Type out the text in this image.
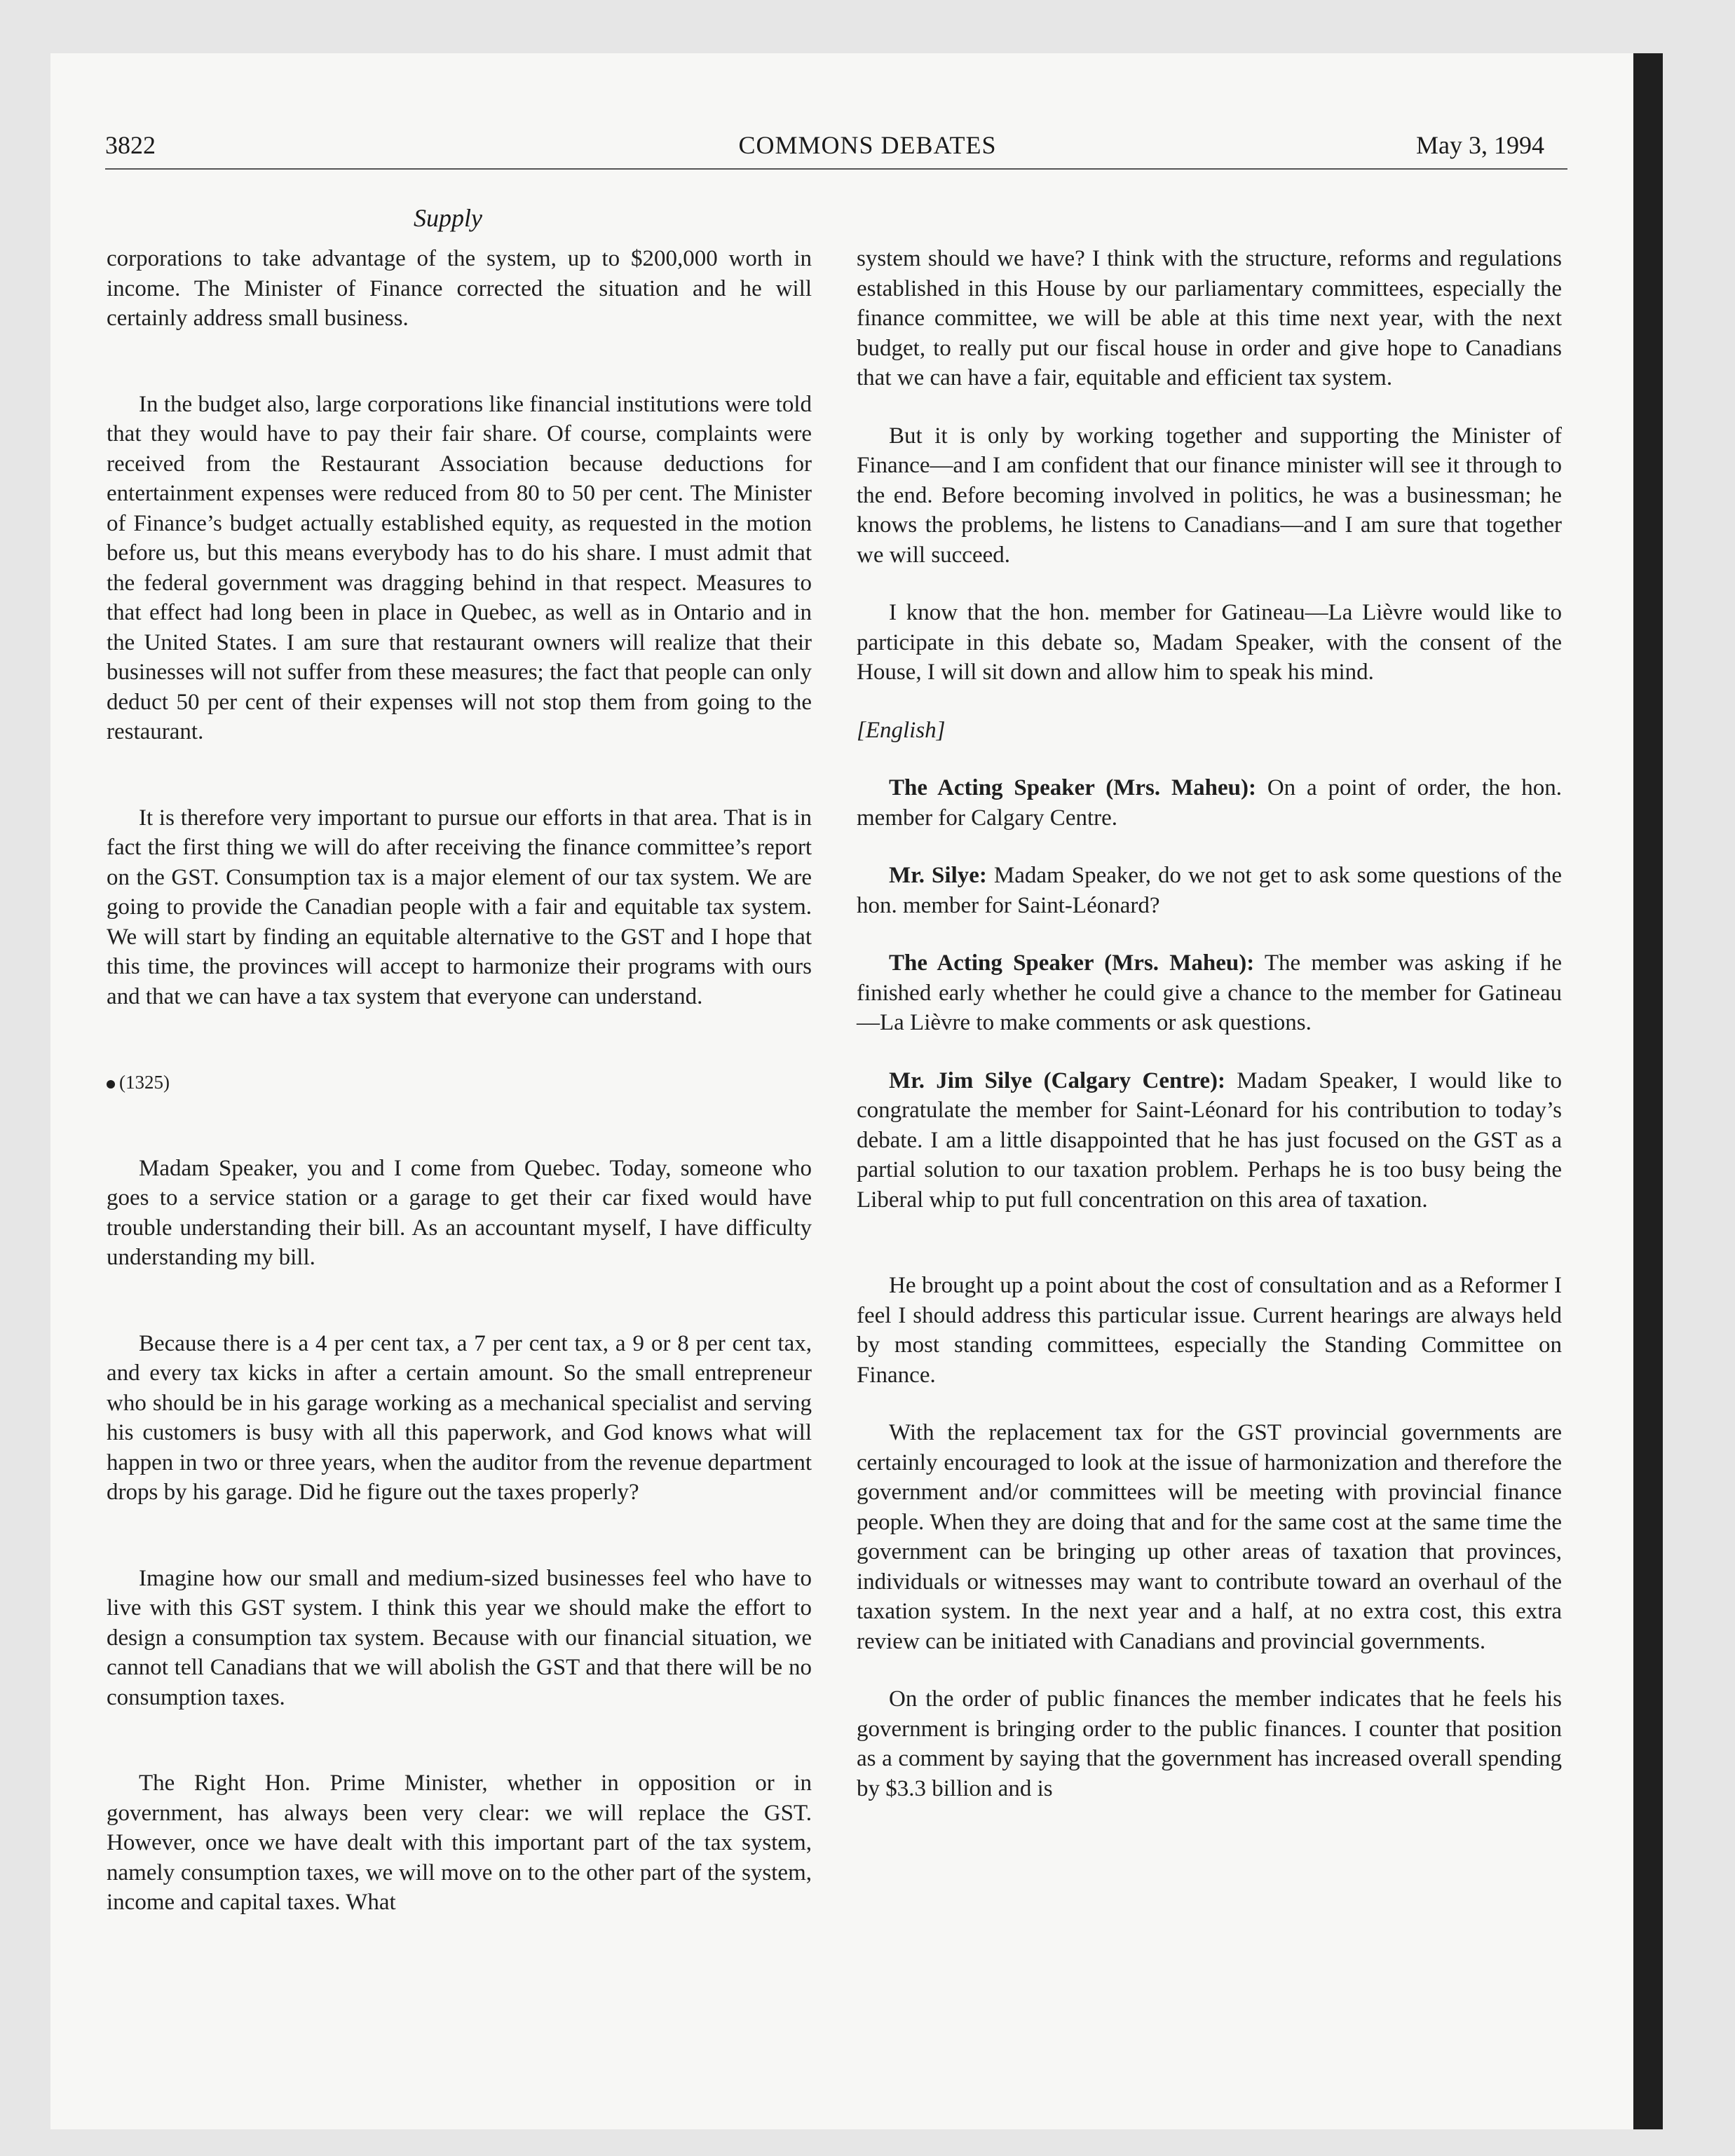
3822	COMMONS DEBATES	May 3, 1994
Supply

corporations to take advantage of the system, up to $200,000 worth in income. The Minister of Finance corrected the situation and he will certainly address small business.

In the budget also, large corporations like financial institutions were told that they would have to pay their fair share. Of course, complaints were received from the Restaurant Association because deductions for entertainment expenses were reduced from 80 to 50 per cent. The Minister of Finance’s budget actually established equity, as requested in the motion before us, but this means everybody has to do his share. I must admit that the federal government was dragging behind in that respect. Measures to that effect had long been in place in Quebec, as well as in Ontario and in the United States. I am sure that restaurant owners will realize that their businesses will not suffer from these measures; the fact that people can only deduct 50 per cent of their expenses will not stop them from going to the restaurant.

It is therefore very important to pursue our efforts in that area. That is in fact the first thing we will do after receiving the finance committee’s report on the GST. Consumption tax is a major element of our tax system. We are going to provide the Canadian people with a fair and equitable tax system. We will start by finding an equitable alternative to the GST and I hope that this time, the provinces will accept to harmonize their programs with ours and that we can have a tax system that everyone can understand.

(1325)

Madam Speaker, you and I come from Quebec. Today, someone who goes to a service station or a garage to get their car fixed would have trouble understanding their bill. As an accountant myself, I have difficulty understanding my bill.

Because there is a 4 per cent tax, a 7 per cent tax, a 9 or 8 per cent tax, and every tax kicks in after a certain amount. So the small entrepreneur who should be in his garage working as a mechanical specialist and serving his customers is busy with all this paperwork, and God knows what will happen in two or three years, when the auditor from the revenue department drops by his garage. Did he figure out the taxes properly?

Imagine how our small and medium-sized businesses feel who have to live with this GST system. I think this year we should make the effort to design a consumption tax system. Because with our financial situation, we cannot tell Canadians that we will abolish the GST and that there will be no consumption taxes.

The Right Hon. Prime Minister, whether in opposition or in government, has always been very clear: we will replace the GST. However, once we have dealt with this important part of the tax system, namely consumption taxes, we will move on to the other part of the system, income and capital taxes. What

system should we have? I think with the structure, reforms and regulations established in this House by our parliamentary committees, especially the finance committee, we will be able at this time next year, with the next budget, to really put our fiscal house in order and give hope to Canadians that we can have a fair, equitable and efficient tax system.

But it is only by working together and supporting the Minister of Finance—and I am confident that our finance minister will see it through to the end. Before becoming involved in politics, he was a businessman; he knows the problems, he listens to Canadians—and I am sure that together we will succeed.

I know that the hon. member for Gatineau—La Lièvre would like to participate in this debate so, Madam Speaker, with the consent of the House, I will sit down and allow him to speak his mind.

[English]

The Acting Speaker (Mrs. Maheu): On a point of order, the hon. member for Calgary Centre.

Mr. Silye: Madam Speaker, do we not get to ask some questions of the hon. member for Saint-Léonard?

The Acting Speaker (Mrs. Maheu): The member was asking if he finished early whether he could give a chance to the member for Gatineau—La Lièvre to make comments or ask questions.

Mr. Jim Silye (Calgary Centre): Madam Speaker, I would like to congratulate the member for Saint-Léonard for his contribution to today’s debate. I am a little disappointed that he has just focused on the GST as a partial solution to our taxation problem. Perhaps he is too busy being the Liberal whip to put full concentration on this area of taxation.

He brought up a point about the cost of consultation and as a Reformer I feel I should address this particular issue. Current hearings are always held by most standing committees, especially the Standing Committee on Finance.

With the replacement tax for the GST provincial governments are certainly encouraged to look at the issue of harmonization and therefore the government and/or committees will be meeting with provincial finance people. When they are doing that and for the same cost at the same time the government can be bringing up other areas of taxation that provinces, individuals or witnesses may want to contribute toward an overhaul of the taxation system. In the next year and a half, at no extra cost, this extra review can be initiated with Canadians and provincial governments.

On the order of public finances the member indicates that he feels his government is bringing order to the public finances. I counter that position as a comment by saying that the government has increased overall spending by $3.3 billion and is
